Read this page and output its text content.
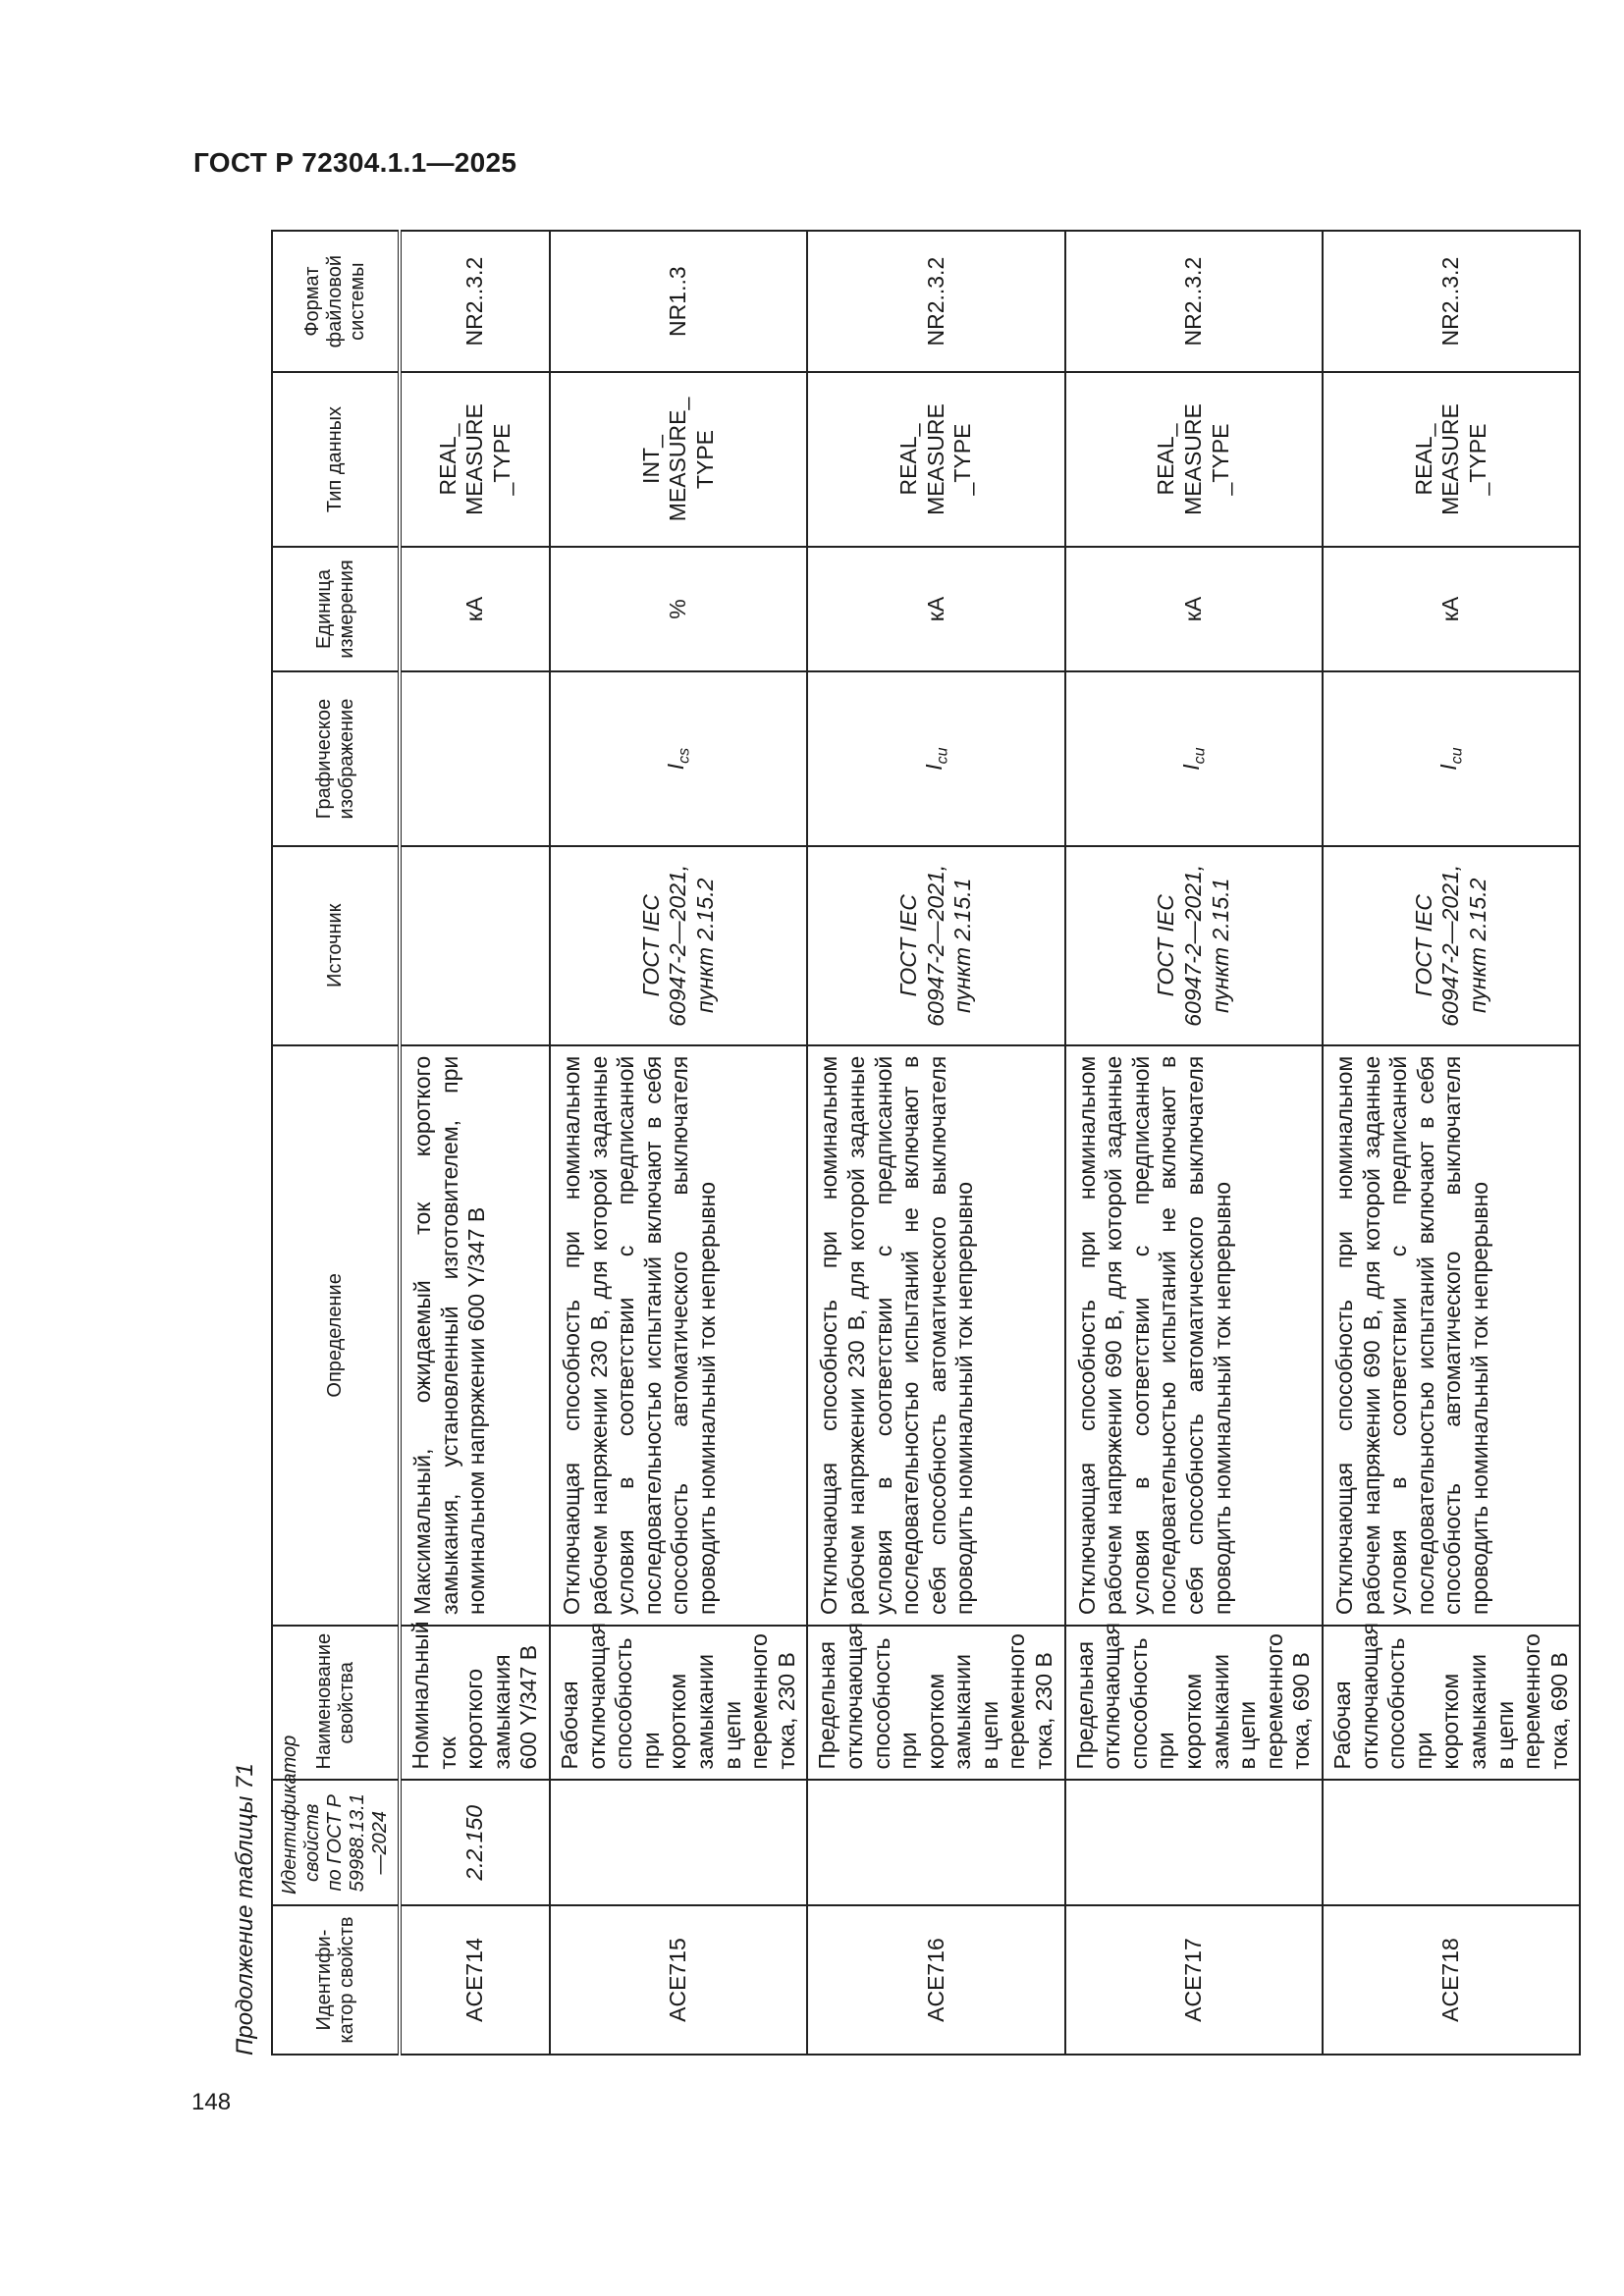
ГОСТ Р 72304.1.1—2025
Продолжение таблицы 71	Идентифи-катор свойств	Идентификатор свойств по ГОСТ Р 59988.13.1—2024	Наименование свойства	Определение	Источник	Графическое изображение	Единица измерения	Тип данных	Формат файловой системы
ACE714	2.2.150	Номинальный ток короткого замыкания 600 Y/347 В	Максимальный, ожидаемый ток короткого замыкания, установленный изготовителем, при номинальном напряжении 600 Y/347 В			кА	REAL_ MEASURE _TYPE	NR2..3.2
ACE715		Рабочая отключающая способность при коротком замыкании в цепи переменного тока, 230 В	Отключающая способность при номинальном рабочем напряжении 230 В, для которой заданные условия в соответствии с предписанной последовательностью испытаний включают в себя способность автоматического выключателя проводить номинальный ток непрерывно	ГОСТ IEC 60947-2—2021, пункт 2.15.2	$I_{cs}$	%	INT_ MEASURE_ TYPE	NR1..3
ACE716		Предельная отключающая способность при коротком замыкании в цепи переменного тока, 230 В	Отключающая способность при номинальном рабочем напряжении 230 В, для которой заданные условия в соответствии с предписанной последовательностью испытаний не включают в себя способность автоматического выключателя проводить номинальный ток непрерывно	ГОСТ IEC 60947-2—2021, пункт 2.15.1	$I_{cu}$	кА	REAL_ MEASURE _TYPE	NR2..3.2
ACE717		Предельная отключающая способность при коротком замыкании в цепи переменного тока, 690 В	Отключающая способность при номинальном рабочем напряжении 690 В, для которой заданные условия в соответствии с предписанной последовательностью испытаний не включают в себя способность автоматического выключателя проводить номинальный ток непрерывно	ГОСТ IEC 60947-2—2021, пункт 2.15.1	$I_{cu}$	кА	REAL_ MEASURE _TYPE	NR2..3.2
ACE718		Рабочая отключающая способность при коротком замыкании в цепи переменного тока, 690 В	Отключающая способность при номинальном рабочем напряжении 690 В, для которой заданные условия в соответствии с предписанной последовательностью испытаний включают в себя способность автоматического выключателя проводить номинальный ток непрерывно	ГОСТ IEC 60947-2—2021, пункт 2.15.2	$I_{cu}$	кА	REAL_ MEASURE _TYPE	NR2..3.2
148
